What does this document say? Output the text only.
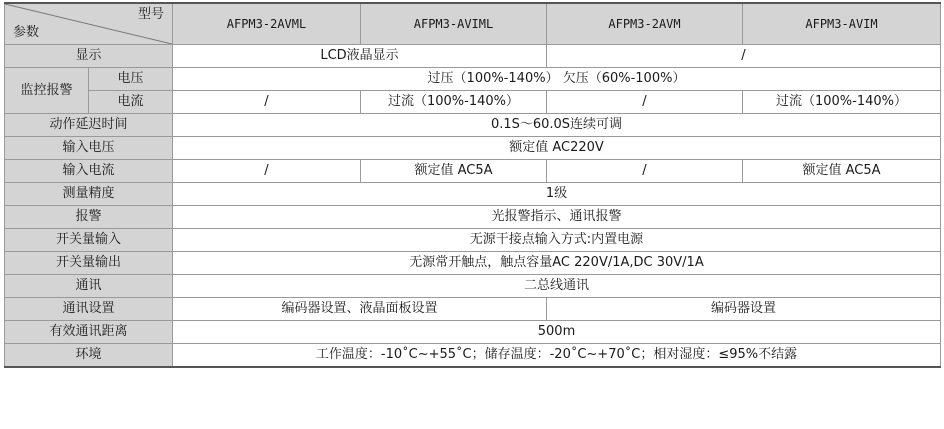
型号
参数		AFPM3-2AVML	AFPM3-AVIML	AFPM3-2AVM	AFPM3-AVIM
显示		LCD液晶显示		/	
监控报警	电压	过压（100%-140%） 欠压（60%-100%）			
	电流	/	过流（100%-140%）	/	过流（100%-140%）
动作延迟时间		0.1S～60.0S连续可调			
输入电压		额定值 AC220V			
输入电流		/	额定值 AC5A	/	额定值 AC5A
测量精度		1级			
报警		光报警指示、通讯报警			
开关量输入		无源干接点输入方式:内置电源			
开关量输出		无源常开触点，触点容量AC 220V/1A,DC 30V/1A			
通讯		二总线通讯			
通讯设置		编码器设置、液晶面板设置		编码器设置	
有效通讯距离		500m			
环境		工作温度：-10˚C~+55˚C；储存温度：-20˚C~+70˚C；相对湿度：≤95%不结露			
